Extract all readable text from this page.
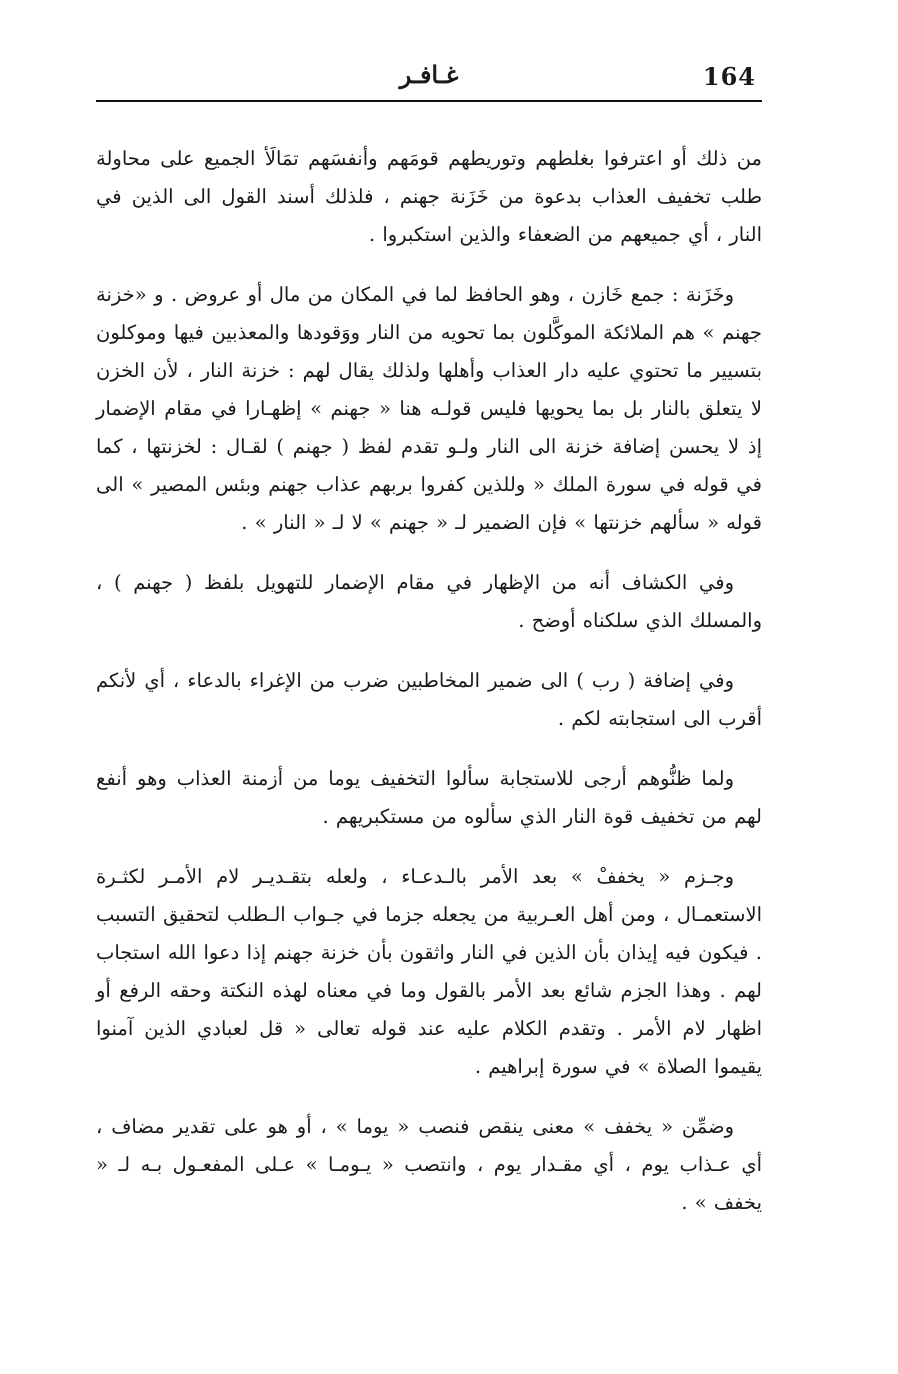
164
غـافـر

من ذلك أو اعترفوا بغلطهم وتوريطهم قومَهم وأنفسَهم تمَالَأ الجميع على محاولة طلب تخفيف العذاب بدعوة من خَزَنة جهنم ، فلذلك أسند القول الى الذين في النار ، أي جميعهم من الضعفاء والذين استكبروا .

وخَزَنة : جمع خَازن ، وهو الحافظ لما في المكان من مال أو عروض . و «خزنة جهنم » هم الملائكة الموكَّلون بما تحويه من النار ووَقودها والمعذبين فيها وموكلون بتسيير ما تحتوي عليه دار العذاب وأهلها ولذلك يقال لهم : خزنة النار ، لأن الخزن لا يتعلق بالنار بل بما يحويها فليس قولـه هنا « جهنم » إظهـارا في مقام الإضمار إذ لا يحسن إضافة خزنة الى النار ولـو تقدم لفظ ( جهنم ) لقـال : لخزنتها ، كما في قوله في سورة الملك « وللذين كفروا بربهم عذاب جهنم وبئس المصير » الى قوله « سألهم خزنتها » فإن الضمير لـ « جهنم » لا لـ « النار » .

وفي الكشاف أنه من الإظهار في مقام الإضمار للتهويل بلفظ ( جهنم ) ، والمسلك الذي سلكناه أوضح .

وفي إضافة ( رب ) الى ضمير المخاطبين ضرب من الإغراء بالدعاء ، أي لأنكم أقرب الى استجابته لكم .

ولما ظنُّوهم أرجى للاستجابة سألوا التخفيف يوما من أزمنة العذاب وهو أنفع لهم من تخفيف قوة النار الذي سألوه من مستكبريهم .

وجـزم « يخففْ » بعد الأمر بالـدعـاء ، ولعله بتقـديـر لام الأمـر لكثـرة الاستعمـال ، ومن أهل العـربية من يجعله جزما في جـواب الـطلب لتحقيق التسبب . فيكون فيه إيذان بأن الذين في النار واثقون بأن خزنة جهنم إذا دعوا الله استجاب لهم . وهذا الجزم شائع بعد الأمر بالقول وما في معناه لهذه النكتة وحقه الرفع أو اظهار لام الأمر . وتقدم الكلام عليه عند قوله تعالى « قل لعبادي الذين آمنوا يقيموا الصلاة » في سورة إبراهيم .

وضمِّن « يخفف » معنى ينقص فنصب « يوما » ، أو هو على تقدير مضاف ، أي عـذاب يوم ، أي مقـدار يوم ، وانتصب « يـومـا » عـلى المفعـول بـه لـ « يخفف » .
